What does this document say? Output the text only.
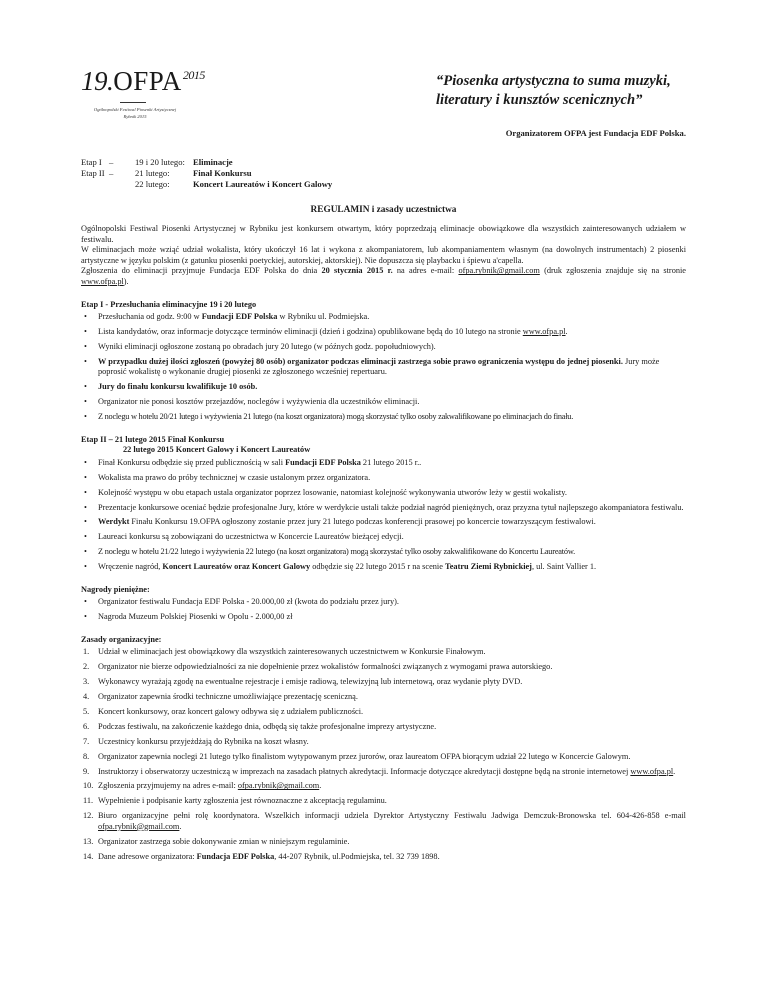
$19.OFPA^{2015}$
Ogólnopolski Festiwal Piosenki Artystycznej
Rybnik 2015
“Piosenka artystyczna to suma muzyki,
literatury i kunsztów scenicznych”
Organizatorem OFPA jest Fundacja EDF Polska.
Etap I –	19 i 20 lutego: Eliminacje
Etap II –	21 lutego:	Finał Konkursu
22 lutego:	Koncert Laureatów i Koncert Galowy
REGULAMIN i zasady uczestnictwa

Ogólnopolski Festiwal Piosenki Artystycznej w Rybniku jest konkursem otwartym, który poprzedzają eliminacje obowiązkowe dla wszystkich zainteresowanych udziałem w festiwalu.

W eliminacjach może wziąć udział wokalista, który ukończył 16 lat i wykona z akompaniatorem, lub akompaniamentem własnym (na dowolnych instrumentach) 2 piosenki artystyczne w języku polskim (z gatunku piosenki poetyckiej, autorskiej, aktorskiej). Nie dopuszcza się playbacku i śpiewu a'capella.

Zgłoszenia do eliminacji przyjmuje Fundacja EDF Polska do dnia 20 stycznia 2015 r. na adres e-mail: ofpa.rybnik@gmail.com (druk zgłoszenia znajduje się na stronie www.ofpa.pl).

Etap I - Przesłuchania eliminacyjne 19 i 20 lutego
• Przesłuchania od godz. 9:00 w Fundacji EDF Polska w Rybniku ul. Podmiejska.
• Lista kandydatów, oraz informacje dotyczące terminów eliminacji (dzień i godzina) opublikowane będą do 10 lutego na stronie www.ofpa.pl.
• Wyniki eliminacji ogłoszone zostaną po obradach jury 20 lutego (w późnych godz. popołudniowych).
• W przypadku dużej ilości zgłoszeń (powyżej 80 osób) organizator podczas eliminacji zastrzega sobie prawo ograniczenia występu do jednej piosenki. Jury może poprosić wokalistę o wykonanie drugiej piosenki ze zgłoszonego wcześniej repertuaru.
• Jury do finału konkursu kwalifikuje 10 osób.
• Organizator nie ponosi kosztów przejazdów, noclegów i wyżywienia dla uczestników eliminacji.
• Z noclegu w hotelu 20/21 lutego i wyżywienia 21 lutego (na koszt organizatora) mogą skorzystać tylko osoby zakwalifikowane po eliminacjach do finału.
Etap II – 21 lutego 2015 Finał Konkursu
22 lutego 2015 Koncert Galowy i Koncert Laureatów
• Finał Konkursu odbędzie się przed publicznością w sali Fundacji EDF Polska 21 lutego 2015 r..
• Wokalista ma prawo do próby technicznej w czasie ustalonym przez organizatora.
• Kolejność występu w obu etapach ustala organizator poprzez losowanie, natomiast kolejność wykonywania utworów leży w gestii wokalisty.
• Prezentacje konkursowe oceniać będzie profesjonalne Jury, które w werdykcie ustali także podział nagród pieniężnych, oraz przyzna tytuł najlepszego akompaniatora festiwalu.
• Werdykt Finału Konkursu 19.OFPA ogłoszony zostanie przez jury 21 lutego podczas konferencji prasowej po koncercie towarzyszącym festiwalowi.
• Laureaci konkursu są zobowiązani do uczestnictwa w Koncercie Laureatów bieżącej edycji.
• Z noclegu w hotelu 21/22 lutego i wyżywienia 22 lutego (na koszt organizatora) mogą skorzystać tylko osoby zakwalifikowane do Koncertu Laureatów.
• Wręczenie nagród, Koncert Laureatów oraz Koncert Galowy odbędzie się 22 lutego 2015 r na scenie Teatru Ziemi Rybnickiej, ul. Saint Vallier 1.
Nagrody pieniężne:
• Organizator festiwalu Fundacja EDF Polska - 20.000,00 zł (kwota do podziału przez jury).
• Nagroda Muzeum Polskiej Piosenki w Opolu - 2.000,00 zł
Zasady organizacyjne:
1. Udział w eliminacjach jest obowiązkowy dla wszystkich zainteresowanych uczestnictwem w Konkursie Finałowym.
2. Organizator nie bierze odpowiedzialności za nie dopełnienie przez wokalistów formalności związanych z wymogami prawa autorskiego.
3. Wykonawcy wyrażają zgodę na ewentualne rejestracje i emisje radiową, telewizyjną lub internetową, oraz wydanie płyty DVD.
4. Organizator zapewnia środki techniczne umożliwiające prezentację sceniczną.
5. Koncert konkursowy, oraz koncert galowy odbywa się z udziałem publiczności.
6. Podczas festiwalu, na zakończenie każdego dnia, odbędą się także profesjonalne imprezy artystyczne.
7. Uczestnicy konkursu przyjeżdżają do Rybnika na koszt własny.
8. Organizator zapewnia noclegi 21 lutego tylko finalistom wytypowanym przez jurorów, oraz laureatom OFPA biorącym udział 22 lutego w Koncercie Galowym.
9. Instruktorzy i obserwatorzy uczestniczą w imprezach na zasadach płatnych akredytacji. Informacje dotyczące akredytacji dostępne będą na stronie internetowej www.ofpa.pl.
10. Zgłoszenia przyjmujemy na adres e-mail: ofpa.rybnik@gmail.com.
11. Wypełnienie i podpisanie karty zgłoszenia jest równoznaczne z akceptacją regulaminu.
12. Biuro organizacyjne pełni rolę koordynatora. Wszelkich informacji udziela Dyrektor Artystyczny Festiwalu Jadwiga Demczuk-Bronowska tel. 604-426-858 e-mail ofpa.rybnik@gmail.com.
13. Organizator zastrzega sobie dokonywanie zmian w niniejszym regulaminie.
14. Dane adresowe organizatora: Fundacja EDF Polska, 44-207 Rybnik, ul.Podmiejska, tel. 32 739 1898.
